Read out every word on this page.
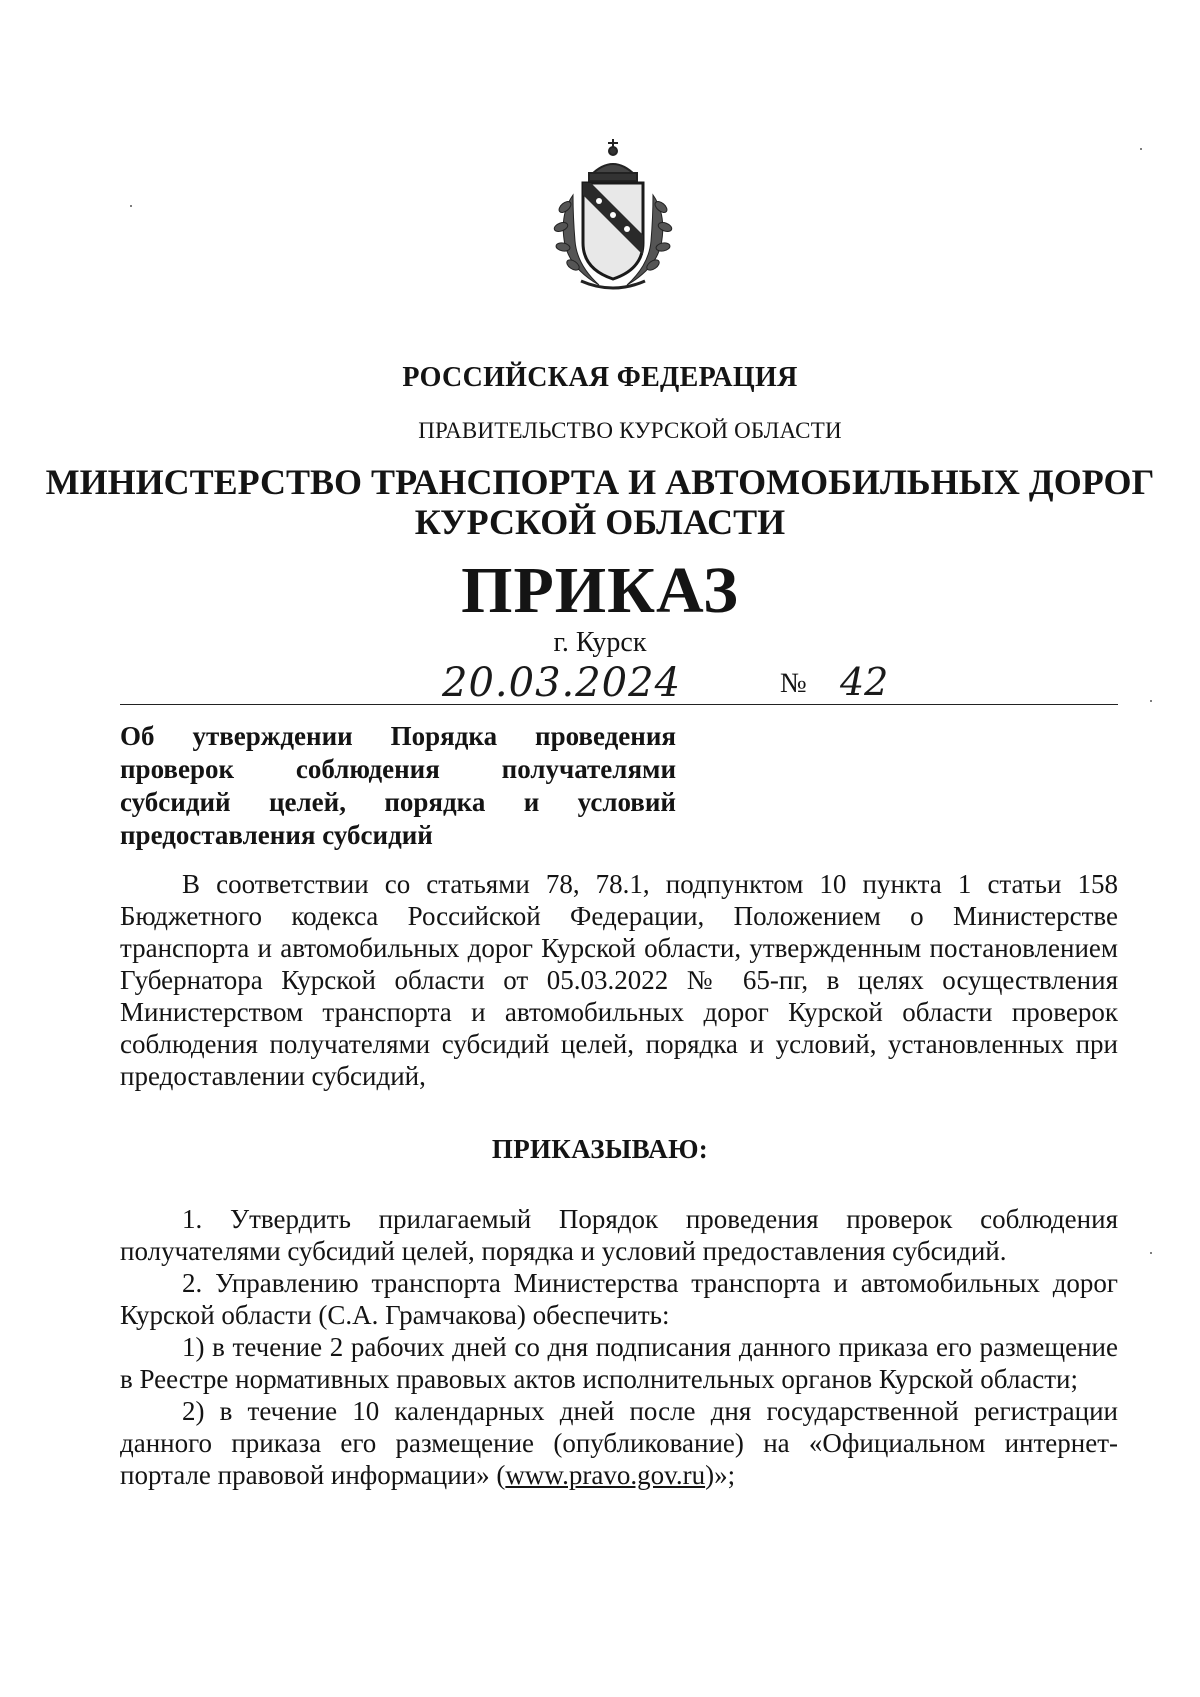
РОССИЙСКАЯ ФЕДЕРАЦИЯ
ПРАВИТЕЛЬСТВО КУРСКОЙ ОБЛАСТИ
МИНИСТЕРСТВО ТРАНСПОРТА И АВТОМОБИЛЬНЫХ ДОРОГ
КУРСКОЙ ОБЛАСТИ
ПРИКАЗ
г. Курск
20.03.2024	№ 42
Об утверждении Порядка проведения проверок соблюдения получателями субсидий целей, порядка и условий
предоставления субсидий

В соответствии со статьями 78, 78.1, подпунктом 10 пункта 1 статьи 158 Бюджетного кодекса Российской Федерации, Положением о Министерстве транспорта и автомобильных дорог Курской области, утвержденным постановлением Губернатора Курской области от 05.03.2022 № 65-пг, в целях осуществления Министерством транспорта и автомобильных дорог Курской области проверок соблюдения получателями субсидий целей, порядка и условий, установленных при предоставлении субсидий,

ПРИКАЗЫВАЮ:

1. Утвердить прилагаемый Порядок проведения проверок соблюдения получателями субсидий целей, порядка и условий предоставления субсидий.

2. Управлению транспорта Министерства транспорта и автомобильных дорог Курской области (С.А. Грамчакова) обеспечить:

1) в течение 2 рабочих дней со дня подписания данного приказа его размещение в Реестре нормативных правовых актов исполнительных органов Курской области;

2) в течение 10 календарных дней после дня государственной регистрации данного приказа его размещение (опубликование) на «Официальном интернет-портале правовой информации» (www.pravo.gov.ru)»;
